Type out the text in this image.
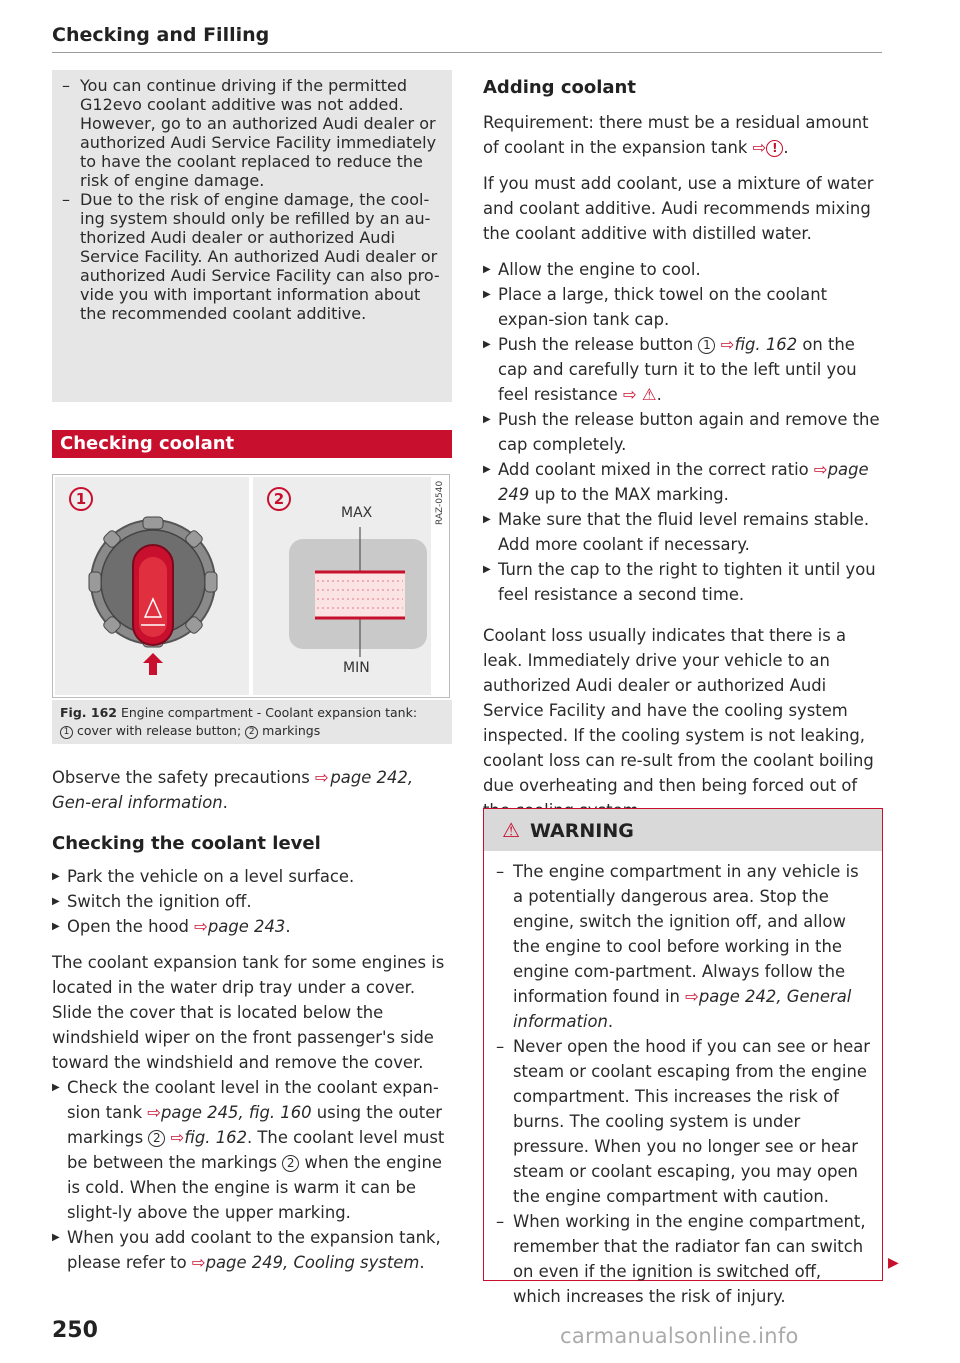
Checking and Filling
– You can continue driving if the permitted G12evo coolant additive was not added. However, go to an authorized Audi dealer or authorized Audi Service Facility immediately to have the coolant replaced to reduce the risk of engine damage.
– Due to the risk of engine damage, the cool-ing system should only be refilled by an au-thorized Audi dealer or authorized Audi Service Facility. An authorized Audi dealer or authorized Audi Service Facility can also pro-vide you with important information about the recommended coolant additive.
Checking coolant
1	2
MAX
MIN
RAZ-0540
Fig. 162 Engine compartment - Coolant expansion tank:
1 cover with release button; 2 markings

Observe the safety precautions ⇨  page 242, Gen-eral information.

Checking the coolant level
▶ Park the vehicle on a level surface.
▶ Switch the ignition off.
▶ Open the hood ⇨page 243.

The coolant expansion tank for some engines is located in the water drip tray under a cover. Slide the cover that is located below the windshield wiper on the front passenger's side toward the windshield and remove the cover.

▶ Check the coolant level in the coolant expan-sion tank ⇨page 245, fig. 160 using the outer markings 2 ⇨fig. 162. The coolant level must be between the markings 2 when the engine is cold. When the engine is warm it can be slight-ly above the upper marking.
▶ When you add coolant to the expansion tank, please refer to ⇨page 249, Cooling system.
Adding coolant

Requirement: there must be a residual amount of coolant in the expansion tank ⇨ ! .

If you must add coolant, use a mixture of water and coolant additive. Audi recommends mixing the coolant additive with distilled water.

▶ Allow the engine to cool.
▶ Place a large, thick towel on the coolant expan-sion tank cap.
▶ Push the release button 1 ⇨fig. 162 on the cap and carefully turn it to the left until you feel resistance ⇨ ⚠.
▶ Push the release button again and remove the cap completely.
▶ Add coolant mixed in the correct ratio ⇨page 249 up to the MAX marking.
▶ Make sure that the fluid level remains stable. Add more coolant if necessary.
▶ Turn the cap to the right to tighten it until you feel resistance a second time.

Coolant loss usually indicates that there is a leak. Immediately drive your vehicle to an authorized Audi dealer or authorized Audi Service Facility and have the cooling system inspected. If the cooling system is not leaking, coolant loss can re-sult from the coolant boiling due overheating and then being forced out of

⚠ WARNING
– The engine compartment in any vehicle is a potentially dangerous area. Stop the engine, switch the ignition off, and allow the engine to cool before working in the engine com-partment. Always follow the information found in ⇨page 242, General information.
– Never open the hood if you can see or hear steam or coolant escaping from the engine compartment. This increases the risk of burns. The cooling system is under pressure. When you no longer see or hear steam or coolant escaping, you may open the engine compartment with caution.
– When working in the engine compartment, remember that the radiator fan can switch on even if the ignition is switched off, which increases the risk of injury.
▶
250	carmanualsonline.info
